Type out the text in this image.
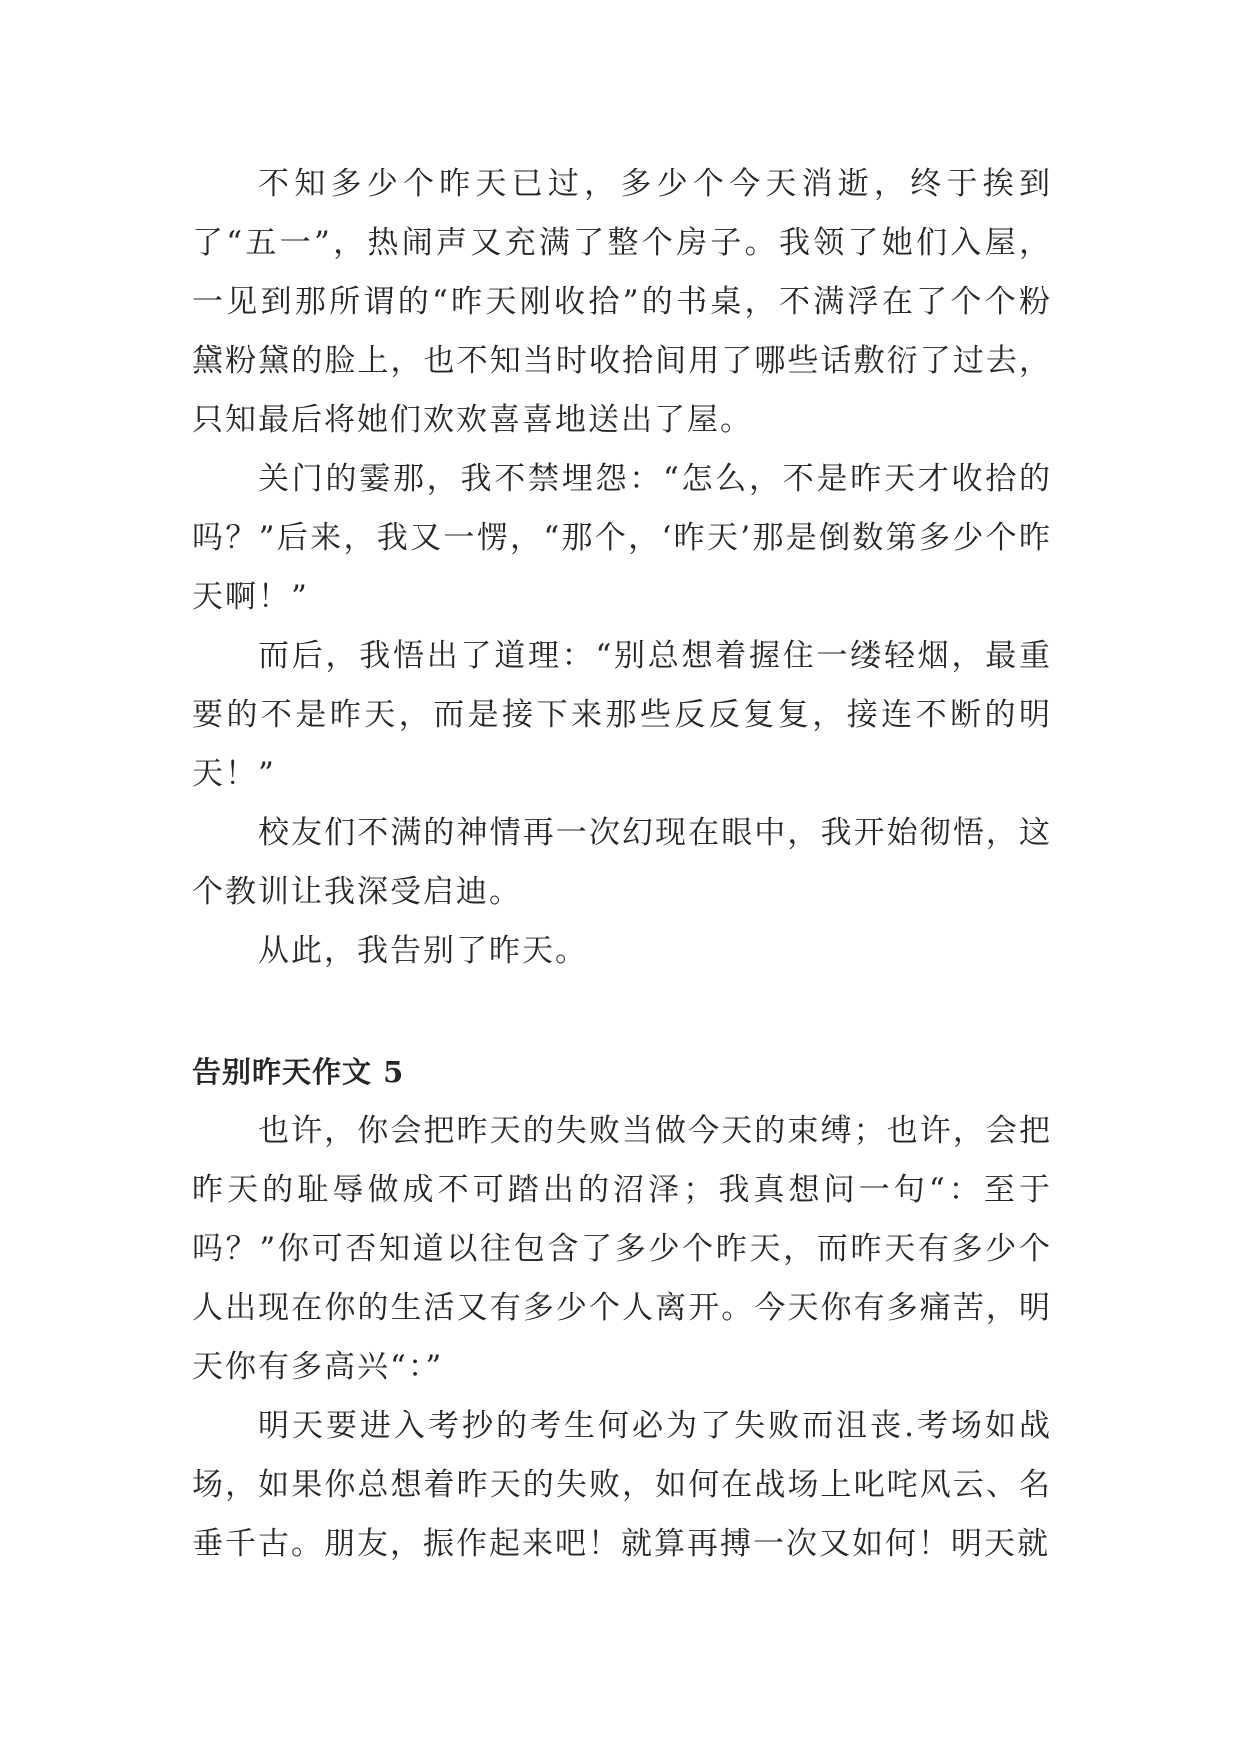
不知多少个昨天已过，多少个今天消逝，终于挨到了“五一”，热闹声又充满了整个房子。我领了她们入屋，一见到那所谓的“昨天刚收拾”的书桌，不满浮在了个个粉黛粉黛的脸上，也不知当时收拾间用了哪些话敷衍了过去，只知最后将她们欢欢喜喜地送出了屋。

关门的霎那，我不禁埋怨：“怎么，不是昨天才收拾的吗？”后来，我又一愣，“那个，‘昨天’那是倒数第多少个昨天啊！”

而后，我悟出了道理：“别总想着握住一缕轻烟，最重要的不是昨天，而是接下来那些反反复复，接连不断的明天！”

校友们不满的神情再一次幻现在眼中，我开始彻悟，这个教训让我深受启迪。

从此，我告别了昨天。

告别昨天作文 5

也许，你会把昨天的失败当做今天的束缚；也许，会把昨天的耻辱做成不可踏出的沼泽；我真想问一句“：至于吗？”你可否知道以往包含了多少个昨天，而昨天有多少个人出现在你的生活又有多少个人离开。今天你有多痛苦，明天你有多高兴“：”

明天要进入考抄的考生何必为了失败而沮丧.考场如战场，如果你总想着昨天的失败，如何在战场上叱咤风云、名垂千古。朋友，振作起来吧！就算再搏一次又如何！明天就
